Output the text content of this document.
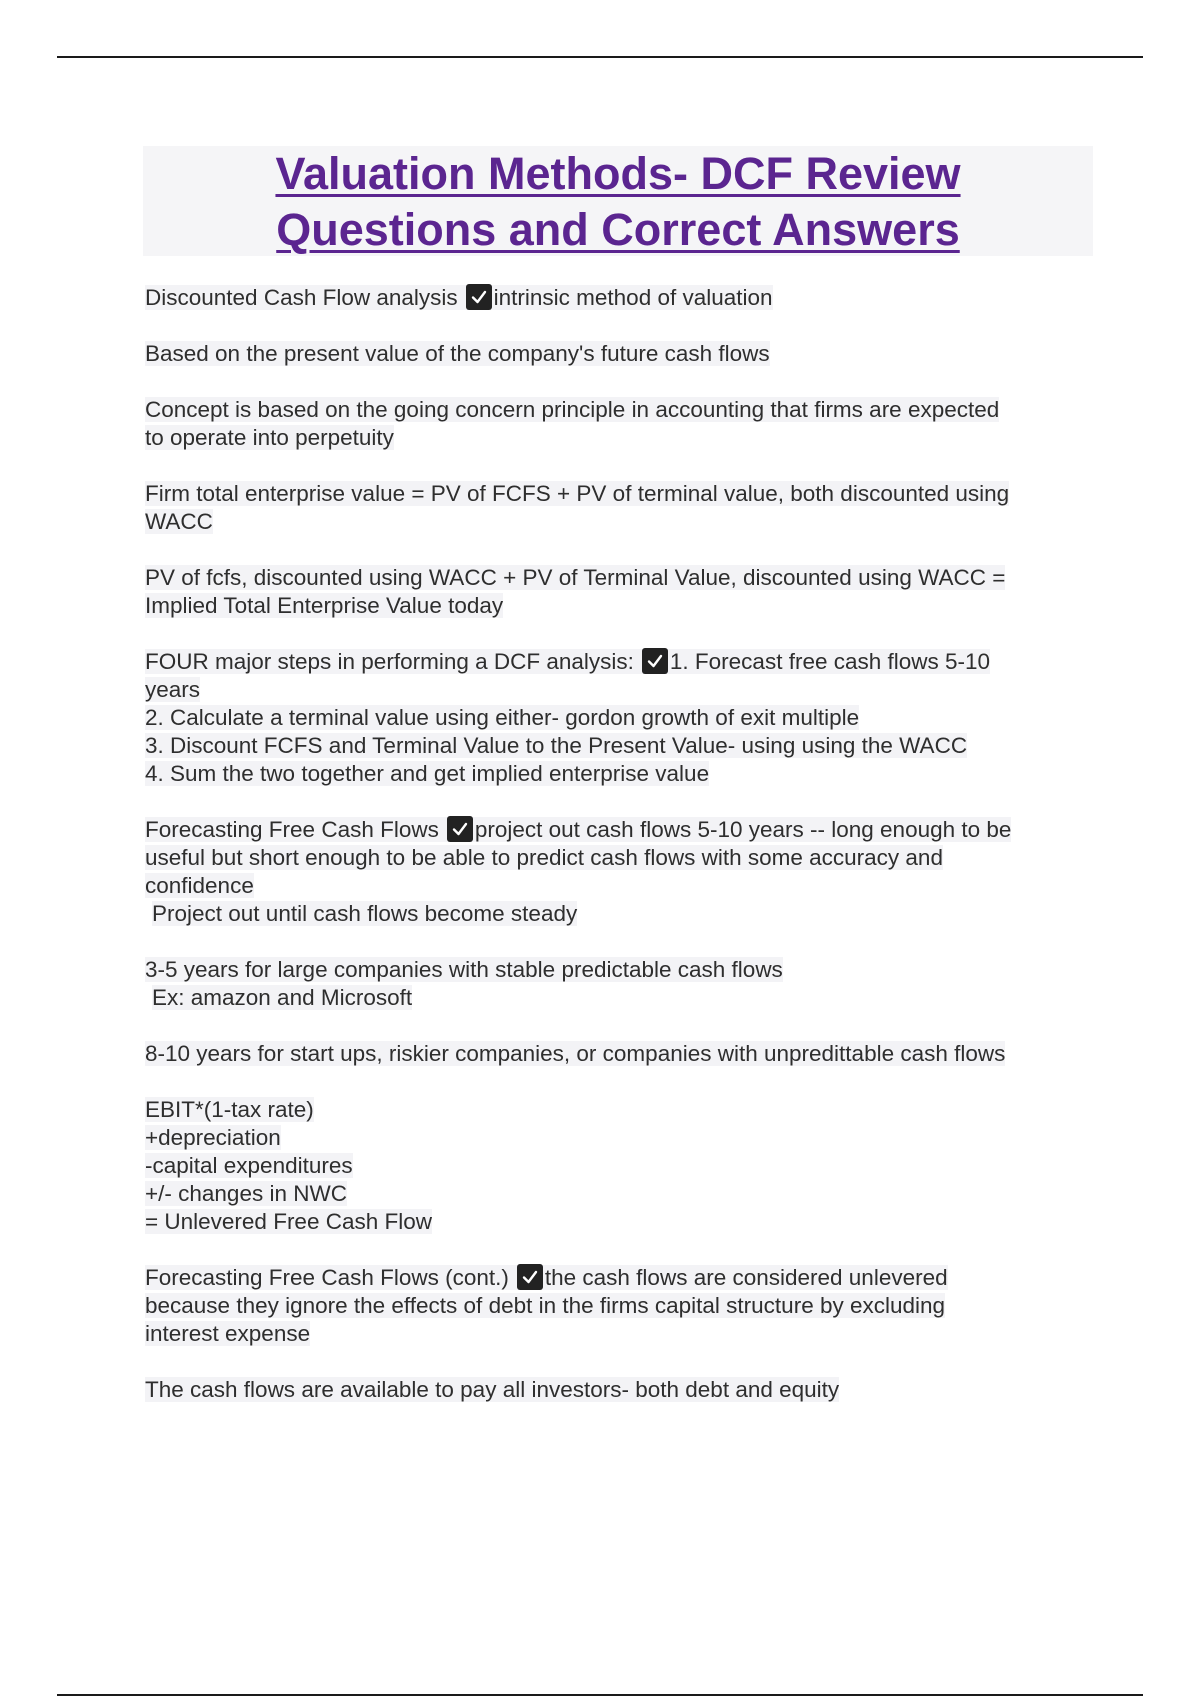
Valuation Methods- DCF Review
Questions and Correct Answers
Discounted Cash Flow analysis intrinsic method of valuation
Based on the present value of the company's future cash flows
Concept is based on the going concern principle in accounting that firms are expected
to operate into perpetuity
Firm total enterprise value = PV of FCFS + PV of terminal value, both discounted using
WACC
PV of fcfs, discounted using WACC + PV of Terminal Value, discounted using WACC =
Implied Total Enterprise Value today
FOUR major steps in performing a DCF analysis: 1. Forecast free cash flows 5-10
years
2. Calculate a terminal value using either- gordon growth of exit multiple
3. Discount FCFS and Terminal Value to the Present Value- using using the WACC
4. Sum the two together and get implied enterprise value
Forecasting Free Cash Flows project out cash flows 5-10 years -- long enough to be
useful but short enough to be able to predict cash flows with some accuracy and
confidence
Project out until cash flows become steady
3-5 years for large companies with stable predictable cash flows
Ex: amazon and Microsoft
8-10 years for start ups, riskier companies, or companies with unpredittable cash flows
EBIT*(1-tax rate)
+depreciation
-capital expenditures
+/- changes in NWC
= Unlevered Free Cash Flow
Forecasting Free Cash Flows (cont.) the cash flows are considered unlevered
because they ignore the effects of debt in the firms capital structure by excluding
interest expense
The cash flows are available to pay all investors- both debt and equity
